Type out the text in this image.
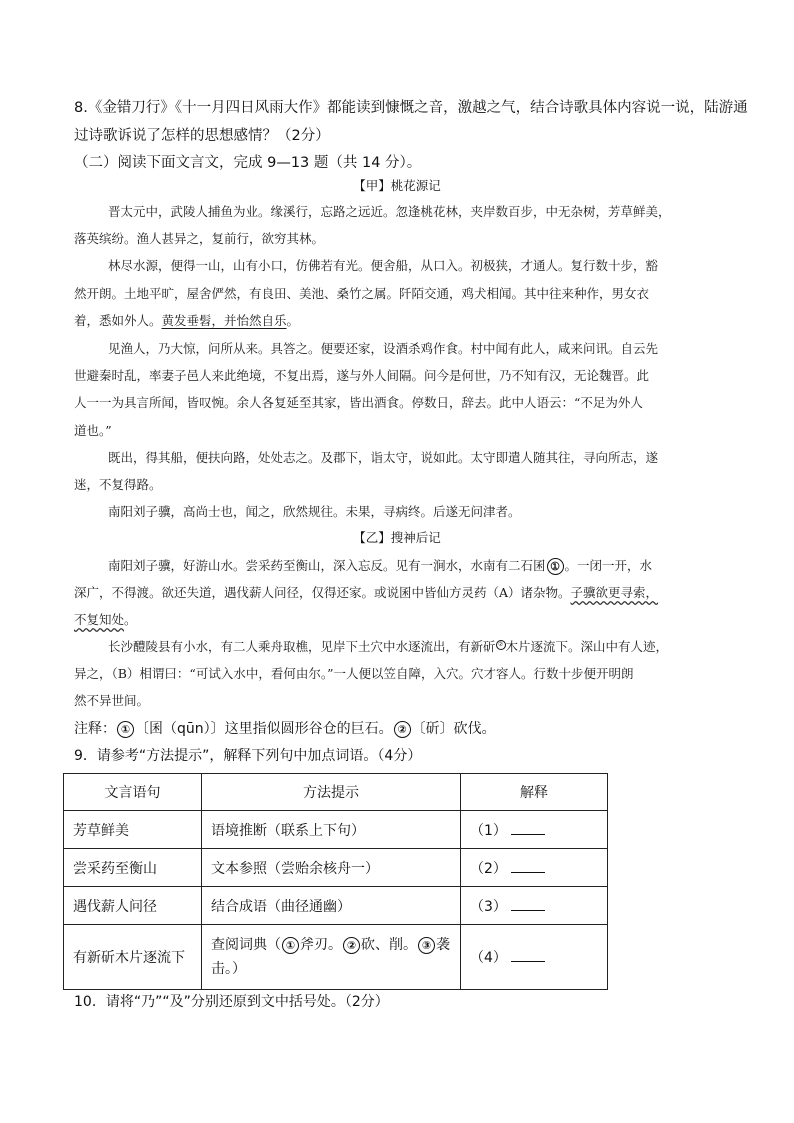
8.《金错刀行》《十一月四日风雨大作》都能读到慷慨之音，激越之气，结合诗歌具体内容说一说，陆游通
过诗歌诉说了怎样的思想感情？（2分）
（二）阅读下面文言文，完成 9—13 题（共 14 分）。
【甲】桃花源记
晋太元中，武陵人捕鱼为业。缘溪行，忘路之远近。忽逢桃花林，夹岸数百步，中无杂树，芳草鲜美，
落英缤纷。渔人甚异之，复前行，欲穷其林。
林尽水源，便得一山，山有小口，仿佛若有光。便舍船，从口入。初极狭，才通人。复行数十步，豁
然开朗。土地平旷，屋舍俨然，有良田、美池、桑竹之属。阡陌交通，鸡犬相闻。其中往来种作，男女衣
着，悉如外人。黄发垂髫，并怡然自乐。
见渔人，乃大惊，问所从来。具答之。便要还家，设酒杀鸡作食。村中闻有此人，咸来问讯。自云先
世避秦时乱，率妻子邑人来此绝境，不复出焉，遂与外人间隔。问今是何世，乃不知有汉，无论魏晋。此
人一一为具言所闻，皆叹惋。余人各复延至其家，皆出酒食。停数日，辞去。此中人语云：“不足为外人
道也。”
既出，得其船，便扶向路，处处志之。及郡下，诣太守，说如此。太守即遣人随其往，寻向所志，遂
迷，不复得路。
南阳刘子骥，高尚士也，闻之，欣然规往。未果，寻病终。后遂无问津者。
【乙】搜神后记
南阳刘子骥，好游山水。尝采药至衡山，深入忘反。见有一涧水，水南有二石囷 ① 。一闭一开，水
深广，不得渡。欲还失道，遇伐薪人问径，仅得还家。或说囷中皆仙方灵药（A）诸杂物。子骥欲更寻索，
不复知处。
长沙醴陵县有小水，有二人乘舟取樵，见岸下土穴中水逐流出，有新斫 ② 木片逐流下。深山中有人迹，
异之，（B）相谓曰：“可试入水中，看何由尔。”一人便以笠自障，入穴。穴才容人。行数十步便开明朗
然不异世间。
注释： ① 〔囷（qūn）〕这里指似圆形谷仓的巨石。 ② 〔斫〕砍伐。
9．请参考“方法提示”，解释下列句中加点词语。（4分）
文言语句	方法提示	解释
芳草鲜美	语境推断（联系上下句）	（1）
尝采药至衡山	文本参照（尝贻余核舟一）	（2）
遇伐薪人问径	结合成语（曲径通幽）	（3）
有新斫木片逐流下	查阅词典（ ① 斧刃。 ② 砍、削。 ③ 袭
击。）	（4）
10．请将“乃”“及”分别还原到文中括号处。（2分）
